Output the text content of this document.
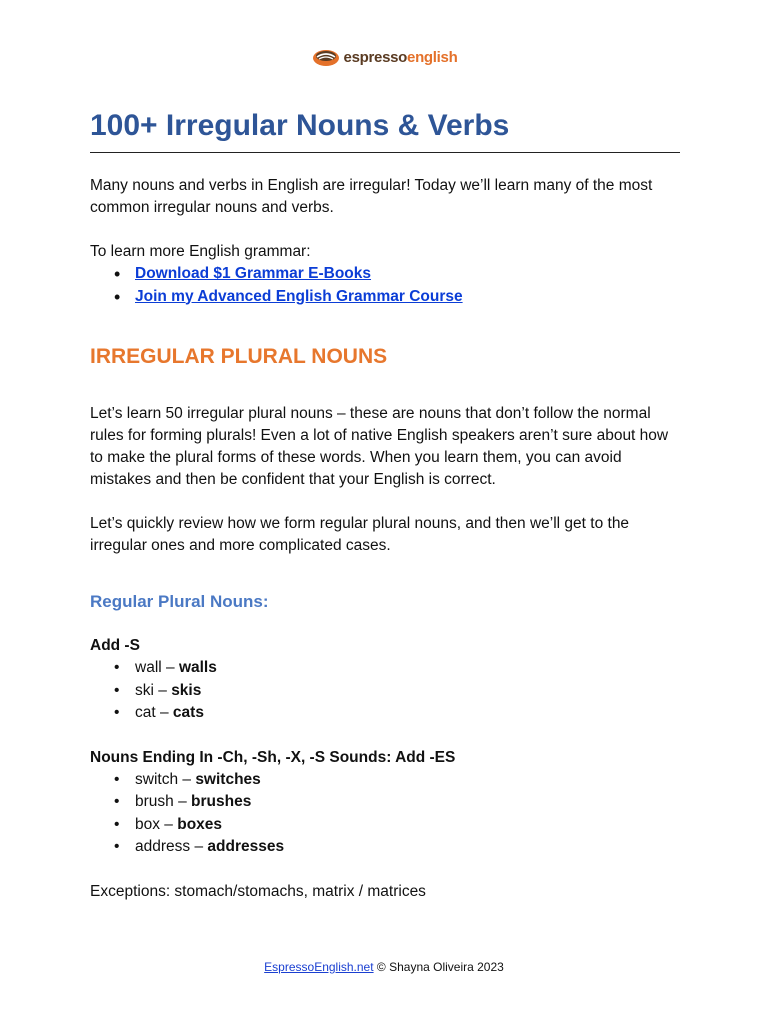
espressoenglish
100+ Irregular Nouns & Verbs

Many nouns and verbs in English are irregular! Today we’ll learn many of the most common irregular nouns and verbs.

To learn more English grammar:

• Download $1 Grammar E-Books
• Join my Advanced English Grammar Course
IRREGULAR PLURAL NOUNS

Let’s learn 50 irregular plural nouns – these are nouns that don’t follow the normal rules for forming plurals! Even a lot of native English speakers aren’t sure about how to make the plural forms of these words. When you learn them, you can avoid mistakes and then be confident that your English is correct.

Let’s quickly review how we form regular plural nouns, and then we’ll get to the irregular ones and more complicated cases.

Regular Plural Nouns:

Add -S

• wall – walls
• ski – skis
• cat – cats

Nouns Ending In -Ch, -Sh, -X, -S Sounds: Add -ES

• switch – switches
• brush – brushes
• box – boxes
• address – addresses

Exceptions: stomach/stomachs, matrix / matrices

EspressoEnglish.net © Shayna Oliveira 2023
